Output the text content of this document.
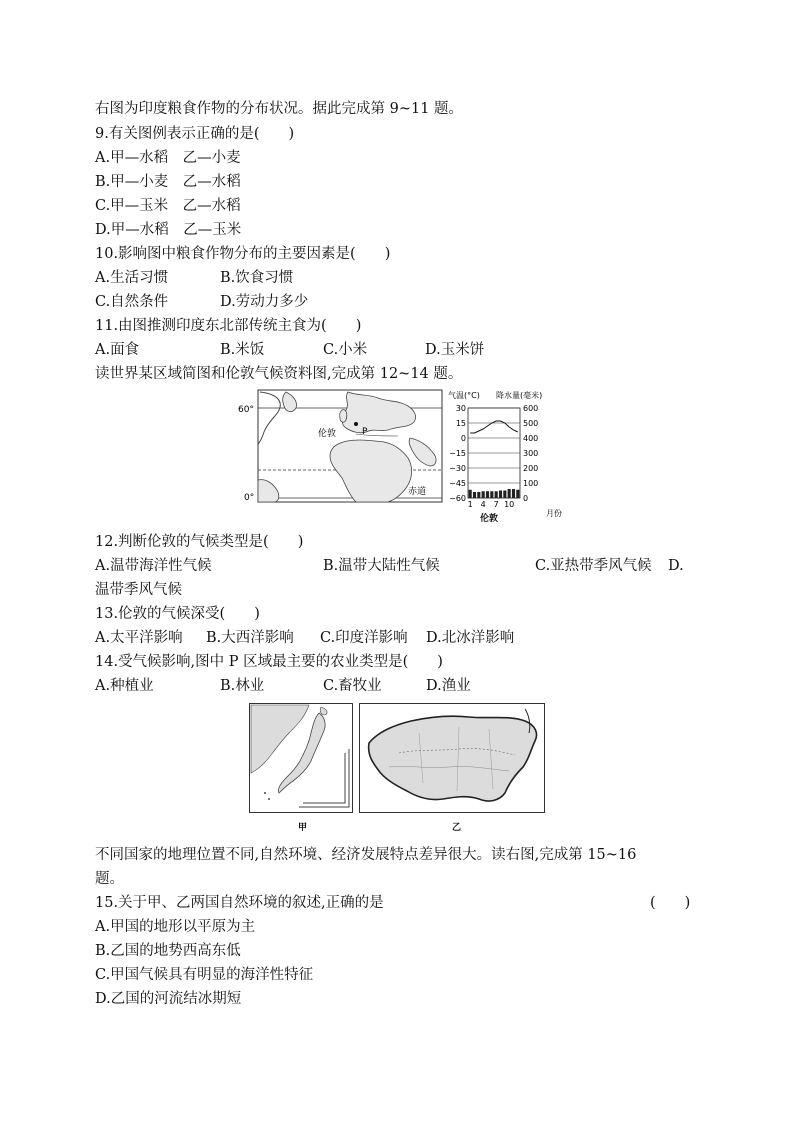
右图为印度粮食作物的分布状况。据此完成第 9~11 题。
9.有关图例表示正确的是(　　)
A.甲—水稻　乙—小麦
B.甲—小麦　乙—水稻
C.甲—玉米　乙—水稻
D.甲—水稻　乙—玉米
10.影响图中粮食作物分布的主要因素是(　　)
A.生活习惯	B.饮食习惯
C.自然条件	D.劳动力多少
11.由图推测印度东北部传统主食为(　　)
A.面食	B.米饭	C.小米	D.玉米饼
读世界某区域简图和伦敦气候资料图,完成第 12~14 题。
60°
0°
伦敦	P
赤道
气温(°C) 降水量(毫米)
30
15
0
−15
−30
−45
−60
600
500
400
300
200
100
0
1 4 7 10
月份
伦敦
12.判断伦敦的气候类型是(　　)
A.温带海洋性气候	B.温带大陆性气候	C.亚热带季风气候 D.
温带季风气候
13.伦敦的气候深受(　　)
A.太平洋影响 B.大西洋影响 C.印度洋影响 D.北冰洋影响
14.受气候影响,图中 P 区域最主要的农业类型是(　　)
A.种植业	B.林业	C.畜牧业	D.渔业
甲	乙
不同国家的地理位置不同,自然环境、经济发展特点差异很大。读右图,完成第 15~16
题。
15.关于甲、乙两国自然环境的叙述,正确的是	(　　)
A.甲国的地形以平原为主
B.乙国的地势西高东低
C.甲国气候具有明显的海洋性特征
D.乙国的河流结冰期短
